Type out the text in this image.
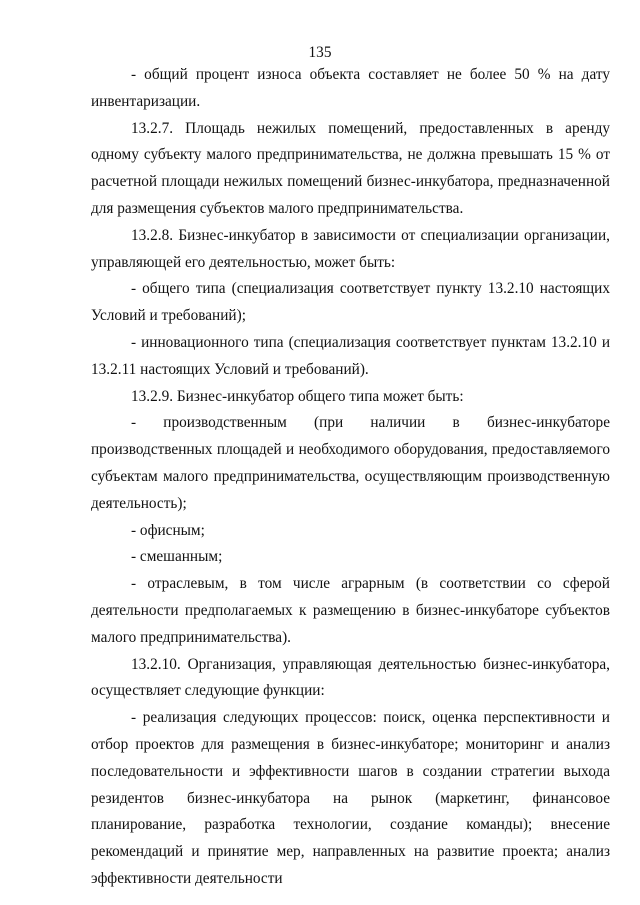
135

- общий процент износа объекта составляет не более 50 % на дату инвентаризации.

13.2.7. Площадь нежилых помещений, предоставленных в аренду одному субъекту малого предпринимательства, не должна превышать 15 % от расчетной площади нежилых помещений бизнес-инкубатора, предназначенной для размещения субъектов малого предпринимательства.

13.2.8. Бизнес-инкубатор в зависимости от специализации организации, управляющей его деятельностью, может быть:

- общего типа (специализация соответствует пункту 13.2.10 настоящих Условий и требований);

- инновационного типа (специализация соответствует пунктам 13.2.10 и 13.2.11 настоящих Условий и требований).

13.2.9. Бизнес-инкубатор общего типа может быть:

- производственным (при наличии в бизнес-инкубаторе производственных площадей и необходимого оборудования, предоставляемого субъектам малого предпринимательства, осуществляющим производственную деятельность);

- офисным;

- смешанным;

- отраслевым, в том числе аграрным (в соответствии со сферой деятельности предполагаемых к размещению в бизнес-инкубаторе субъектов малого предпринимательства).

13.2.10. Организация, управляющая деятельностью бизнес-инкубатора, осуществляет следующие функции:

- реализация следующих процессов: поиск, оценка перспективности и отбор проектов для размещения в бизнес-инкубаторе; мониторинг и анализ последовательности и эффективности шагов в создании стратегии выхода резидентов бизнес-инкубатора на рынок (маркетинг, финансовое планирование, разработка технологии, создание команды); внесение рекомендаций и принятие мер, направленных на развитие проекта; анализ эффективности деятельности
